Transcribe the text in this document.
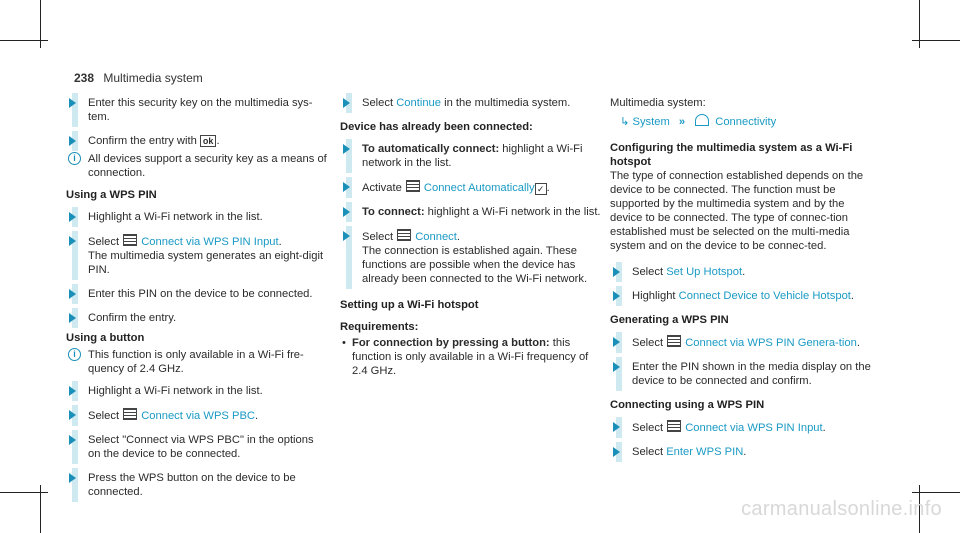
238 Multimedia system
Enter this security key on the multimedia sys-tem.
Confirm the entry with ok .
i	All devices support a security key as a means of connection.
Using a WPS PIN
Highlight a Wi-Fi network in the list.
Select Connect via WPS PIN Input.
The multimedia system generates an eight-digit PIN.
Enter this PIN on the device to be connected.
Confirm the entry.
Using a button
i	This function is only available in a Wi-Fi fre-quency of 2.4 GHz.
Highlight a Wi-Fi network in the list.
Select Connect via WPS PBC.
Select "Connect via WPS PBC" in the options on the device to be connected.
Press the WPS button on the device to be connected.
Select Continue in the multimedia system.
Device has already been connected:
To automatically connect: highlight a Wi-Fi network in the list.
Activate Connect Automatically ✓ .
To connect: highlight a Wi-Fi network in the list.
Select Connect.
The connection is established again. These functions are possible when the device has already been connected to the Wi-Fi network.
Setting up a Wi-Fi hotspot
Requirements:
• For connection by pressing a button: this function is only available in a Wi-Fi frequency of 2.4 GHz.
Multimedia system:
↳ System »	Connectivity
Configuring the multimedia system as a Wi-Fi hotspot
The type of connection established depends on the device to be connected. The function must be supported by the multimedia system and by the device to be connected. The type of connec-tion established must be selected on the multi-media system and on the device to be connec-ted.
Select Set Up Hotspot.
Highlight Connect Device to Vehicle Hotspot.
Generating a WPS PIN
Select Connect via WPS PIN Genera-tion.
Enter the PIN shown in the media display on the device to be connected and confirm.
Connecting using a WPS PIN
Select Connect via WPS PIN Input.
Select Enter WPS PIN.
carmanualsonline.info
